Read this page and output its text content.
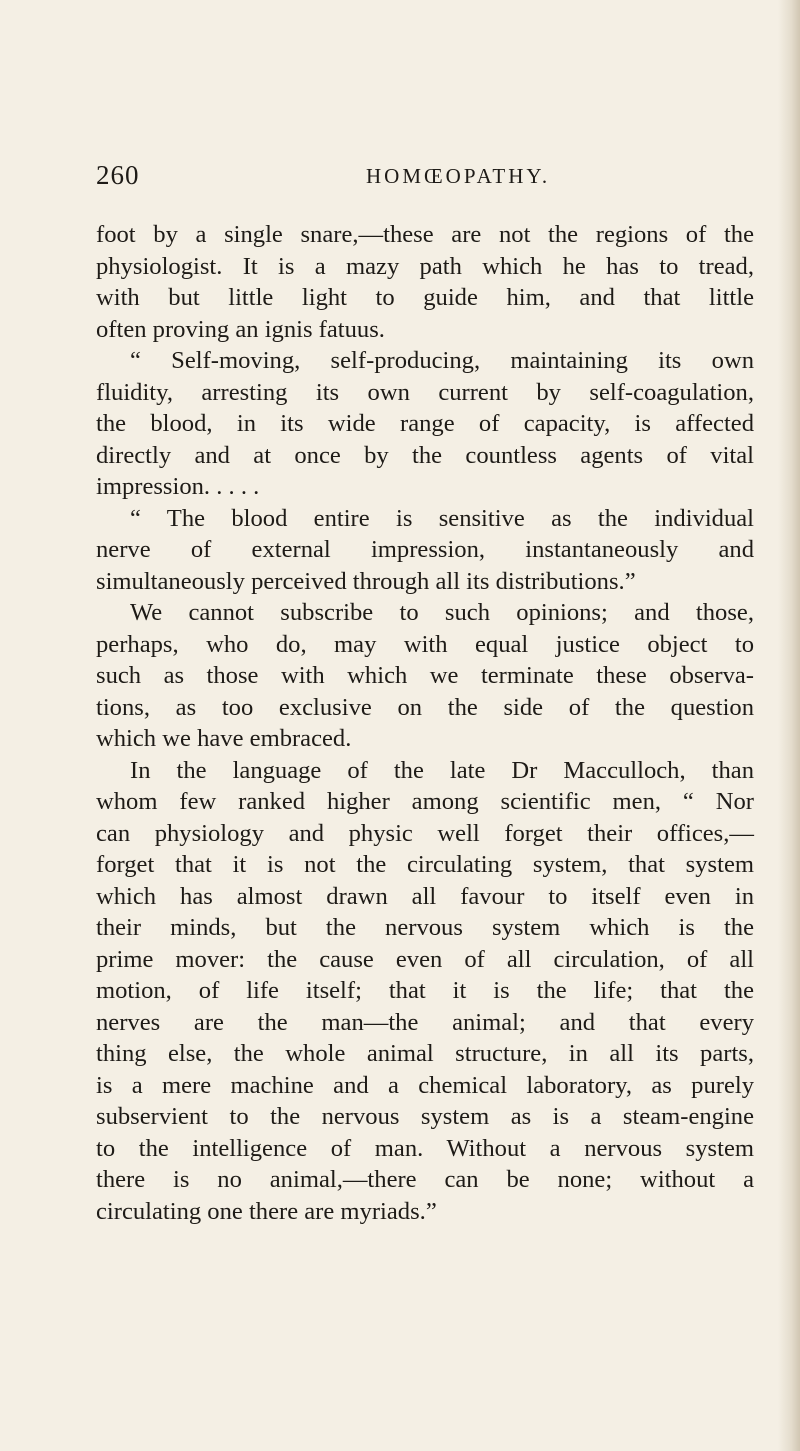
260	HOMŒOPATHY.
foot by a single snare,—these are not the regions of the
physiologist. It is a mazy path which he has to tread,
with but little light to guide him, and that little
often proving an ignis fatuus.
“ Self-moving, self-producing, maintaining its own
fluidity, arresting its own current by self-coagulation,
the blood, in its wide range of capacity, is affected
directly and at once by the countless agents of vital
impression. . . . .
“ The blood entire is sensitive as the individual
nerve of external impression, instantaneously and
simultaneously perceived through all its distributions.”
We cannot subscribe to such opinions; and those,
perhaps, who do, may with equal justice object to
such as those with which we terminate these observa-
tions, as too exclusive on the side of the question
which we have embraced.
In the language of the late Dr Macculloch, than
whom few ranked higher among scientific men, “ Nor
can physiology and physic well forget their offices,—
forget that it is not the circulating system, that system
which has almost drawn all favour to itself even in
their minds, but the nervous system which is the
prime mover: the cause even of all circulation, of all
motion, of life itself; that it is the life; that the
nerves are the man—the animal; and that every
thing else, the whole animal structure, in all its parts,
is a mere machine and a chemical laboratory, as purely
subservient to the nervous system as is a steam-engine
to the intelligence of man. Without a nervous system
there is no animal,—there can be none; without a
circulating one there are myriads.”
